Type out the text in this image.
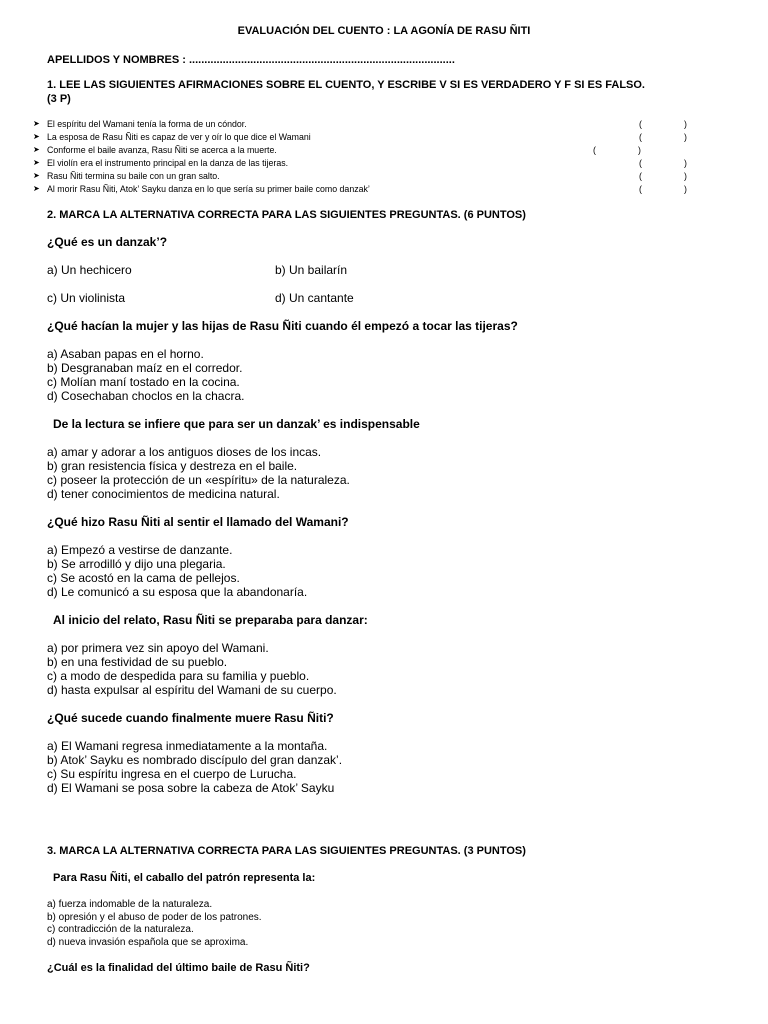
EVALUACIÓN DEL CUENTO : LA AGONÍA DE RASU ÑITI
APELLIDOS Y NOMBRES : .......................................................................................
1. LEE LAS SIGUIENTES AFIRMACIONES SOBRE EL CUENTO, Y ESCRIBE V SI ES VERDADERO Y F SI ES FALSO.
(3 P)
➤ El espíritu del Wamani tenía la forma de un cóndor.	(	)
➤ La esposa de Rasu Ñiti es capaz de ver y oír lo que dice el Wamani	(	)
➤ Conforme el baile avanza, Rasu Ñiti se acerca a la muerte.	(	)
➤ El violín era el instrumento principal en la danza de las tijeras.	(	)
➤ Rasu Ñiti termina su baile con un gran salto.	(	)
➤ Al morir Rasu Ñiti, Atok’ Sayku danza en lo que sería su primer baile como danzak’	(	)
2. MARCA LA ALTERNATIVA CORRECTA PARA LAS SIGUIENTES PREGUNTAS. (6 PUNTOS)
¿Qué es un danzak’?
a) Un hechicero	b) Un bailarín
c) Un violinista	d) Un cantante
¿Qué hacían la mujer y las hijas de Rasu Ñiti cuando él empezó a tocar las tijeras?
a) Asaban papas en el horno.
b) Desgranaban maíz en el corredor.
c) Molían maní tostado en la cocina.
d) Cosechaban choclos en la chacra.
De la lectura se infiere que para ser un danzak’ es indispensable
a) amar y adorar a los antiguos dioses de los incas.
b) gran resistencia física y destreza en el baile.
c) poseer la protección de un «espíritu» de la naturaleza.
d) tener conocimientos de medicina natural.
¿Qué hizo Rasu Ñiti al sentir el llamado del Wamani?
a) Empezó a vestirse de danzante.
b) Se arrodilló y dijo una plegaria.
c) Se acostó en la cama de pellejos.
d) Le comunicó a su esposa que la abandonaría.
Al inicio del relato, Rasu Ñiti se preparaba para danzar:
a) por primera vez sin apoyo del Wamani.
b) en una festividad de su pueblo.
c) a modo de despedida para su familia y pueblo.
d) hasta expulsar al espíritu del Wamani de su cuerpo.
¿Qué sucede cuando finalmente muere Rasu Ñiti?
a) El Wamani regresa inmediatamente a la montaña.
b) Atok’ Sayku es nombrado discípulo del gran danzak’.
c) Su espíritu ingresa en el cuerpo de Lurucha.
d) El Wamani se posa sobre la cabeza de Atok’ Sayku
3. MARCA LA ALTERNATIVA CORRECTA PARA LAS SIGUIENTES PREGUNTAS. (3 PUNTOS)
Para Rasu Ñiti, el caballo del patrón representa la:
a) fuerza indomable de la naturaleza.
b) opresión y el abuso de poder de los patrones.
c) contradicción de la naturaleza.
d) nueva invasión española que se aproxima.
¿Cuál es la finalidad del último baile de Rasu Ñiti?
